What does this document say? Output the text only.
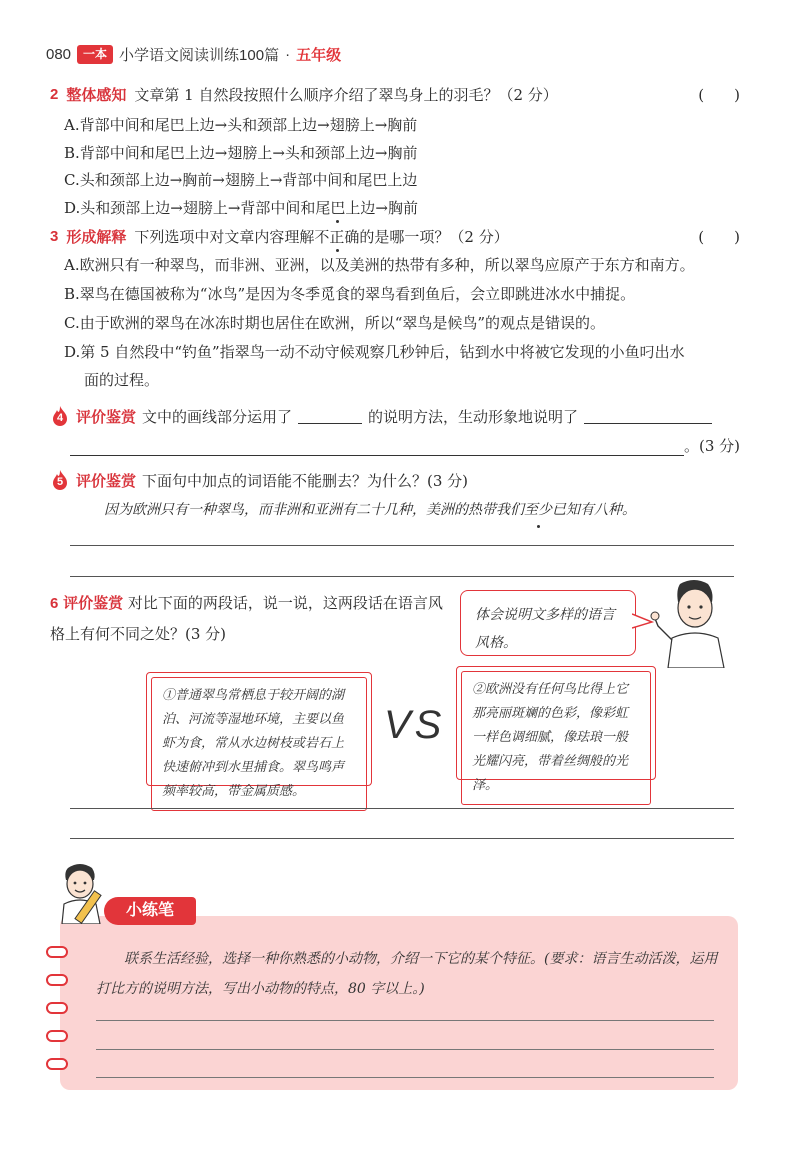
080	一本 小学语文阅读训练100篇 · 五年级
2 整体感知 文章第 1 自然段按照什么顺序介绍了翠鸟身上的羽毛？（2 分）	(　　)
A.背部中间和尾巴上边→头和颈部上边→翅膀上→胸前
B.背部中间和尾巴上边→翅膀上→头和颈部上边→胸前
C.头和颈部上边→胸前→翅膀上→背部中间和尾巴上边
D.头和颈部上边→翅膀上→背部中间和尾巴上边→胸前
3 形成解释 下列选项中对文章内容理解不正确的是哪一项？（2 分）	(　　)
A.欧洲只有一种翠鸟，而非洲、亚洲，以及美洲的热带有多种，所以翠鸟应原产于东方和南方。
B.翠鸟在德国被称为“冰鸟”是因为冬季觅食的翠鸟看到鱼后，会立即跳进冰水中捕捉。
C.由于欧洲的翠鸟在冰冻时期也居住在欧洲，所以“翠鸟是候鸟”的观点是错误的。
D.第 5 自然段中“钓鱼”指翠鸟一动不动守候观察几秒钟后，钻到水中将被它发现的小鱼叼出水
面的过程。
4 评价鉴赏 文中的画线部分运用了	的说明方法，生动形象地说明了
。(3 分)
5 评价鉴赏 下面句中加点的词语能不能删去？为什么？(3 分)
因为欧洲只有一种翠鸟，而非洲和亚洲有二十几种，美洲的热带我们至少已知有八种。
6 评价鉴赏 对比下面的两段话，说一说，这两段话在语言风格上有何不同之处？(3 分)
体会说明文多样的语言风格。
①普通翠鸟常栖息于较开阔的湖泊、河流等湿地环境，主要以鱼虾为食，常从水边树枝或岩石上快速俯冲到水里捕食。翠鸟鸣声频率较高，带金属质感。
VS
②欧洲没有任何鸟比得上它那亮丽斑斓的色彩，像彩虹一样色调细腻，像珐琅一般光耀闪亮，带着丝绸般的光泽。
小练笔
联系生活经验，选择一种你熟悉的小动物，介绍一下它的某个特征。(要求：语言生动活泼，运用打比方的说明方法，写出小动物的特点，80 字以上。)
